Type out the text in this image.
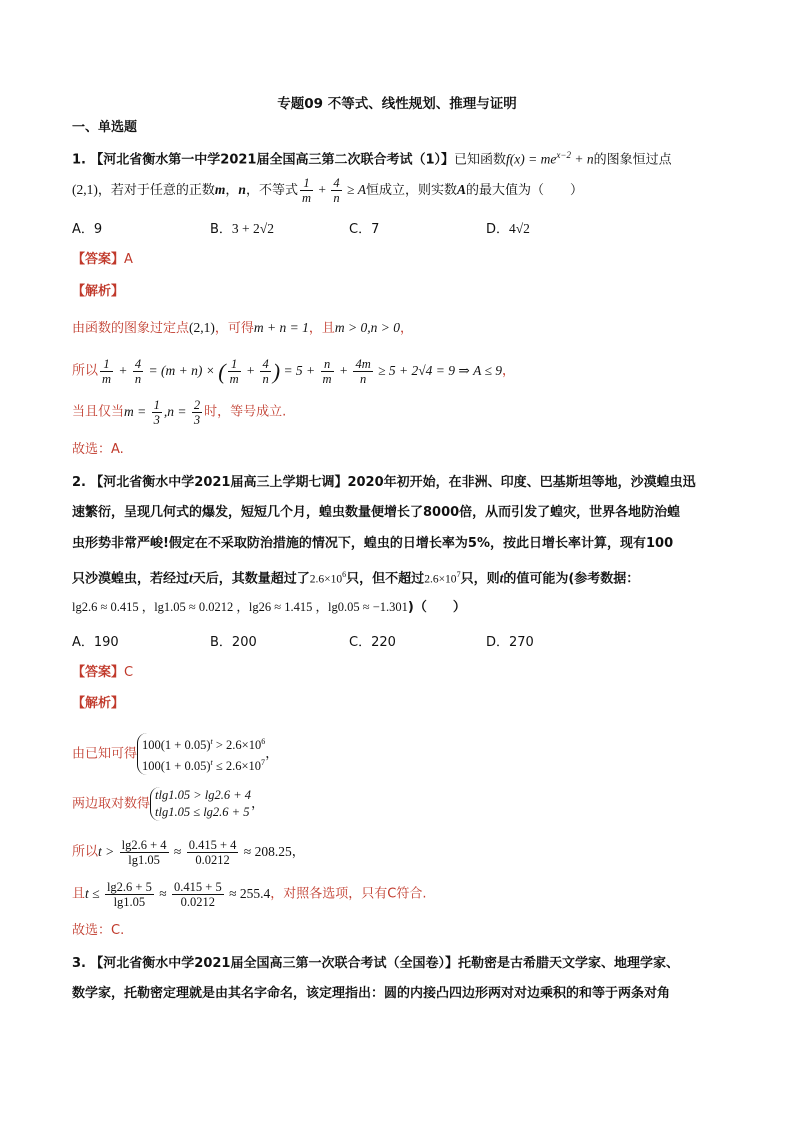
专题09 不等式、线性规划、推理与证明
一、单选题
1. 【河北省衡水第一中学2021届全国高三第二次联合考试（1）】已知函数$f(x) = me^{x-2} + n$的图象恒过点
(2,1)，若对于任意的正数m，n，不等式 $\frac{1}{m} + \frac{4}{n} \ge A$恒成立，则实数A的最大值为（　　）
A．9	B．3 + 2√2	C．7	D．4√2
【答案】A
【解析】
由函数的图象过定点(2,1)，可得m + n = 1，且m > 0,n > 0，
所以 $\frac{1}{m} + \frac{4}{n} = (m + n)$ × ( $\frac{1}{m} + \frac{4}{n}$ ) = $5 + \frac{n}{m} + \frac{4m}{n} \ge 5 + 2√4 = 9$ ⇒ A ≤ 9，
当且仅当$m = \frac{1}{3} ,n = \frac{2}{3}$ 时，等号成立.
故选：A.
2. 【河北省衡水中学2021届高三上学期七调】2020年初开始，在非洲、印度、巴基斯坦等地，沙漠蝗虫迅
速繁衍，呈现几何式的爆发，短短几个月，蝗虫数量便增长了8000倍，从而引发了蝗灾，世界各地防治蝗
虫形势非常严峻!假定在不采取防治措施的情况下，蝗虫的日增长率为5%，按此日增长率计算，现有100
只沙漠蝗虫，若经过t天后，其数量超过了$2.6\times 10^6$只，但不超过$2.6\times 10^7$只，则t的值可能为(参考数据：
lg2.6 ≈ 0.415 ，lg1.05 ≈ 0.0212 ，lg26 ≈ 1.415 ，lg0.05 ≈ −1.301)（　　）
A．190	B．200	C．220	D．270
【答案】C
【解析】
由已知可得
$100(1 + 0.05)^t > 2.6\times 10^6$
$100(1 + 0.05)^t \le 2.6\times 10^7$
，
两边取对数得
tlg1.05 > lg2.6 + 4
tlg1.05 ≤ lg2.6 + 5
，
所以$t > \frac{\lg 2.6 + 4}{\lg 1.05} \approx \frac{0.415 + 4}{0.0212} \approx 208.25$，
且$t \le \frac{\lg 2.6 + 5}{\lg 1.05} \approx \frac{0.415 + 5}{0.0212} \approx 255.4$，对照各选项，只有C符合.
故选：C.
3. 【河北省衡水中学2021届全国高三第一次联合考试（全国卷）】托勒密是古希腊天文学家、地理学家、
数学家，托勒密定理就是由其名字命名，该定理指出：圆的内接凸四边形两对对边乘积的和等于两条对角
